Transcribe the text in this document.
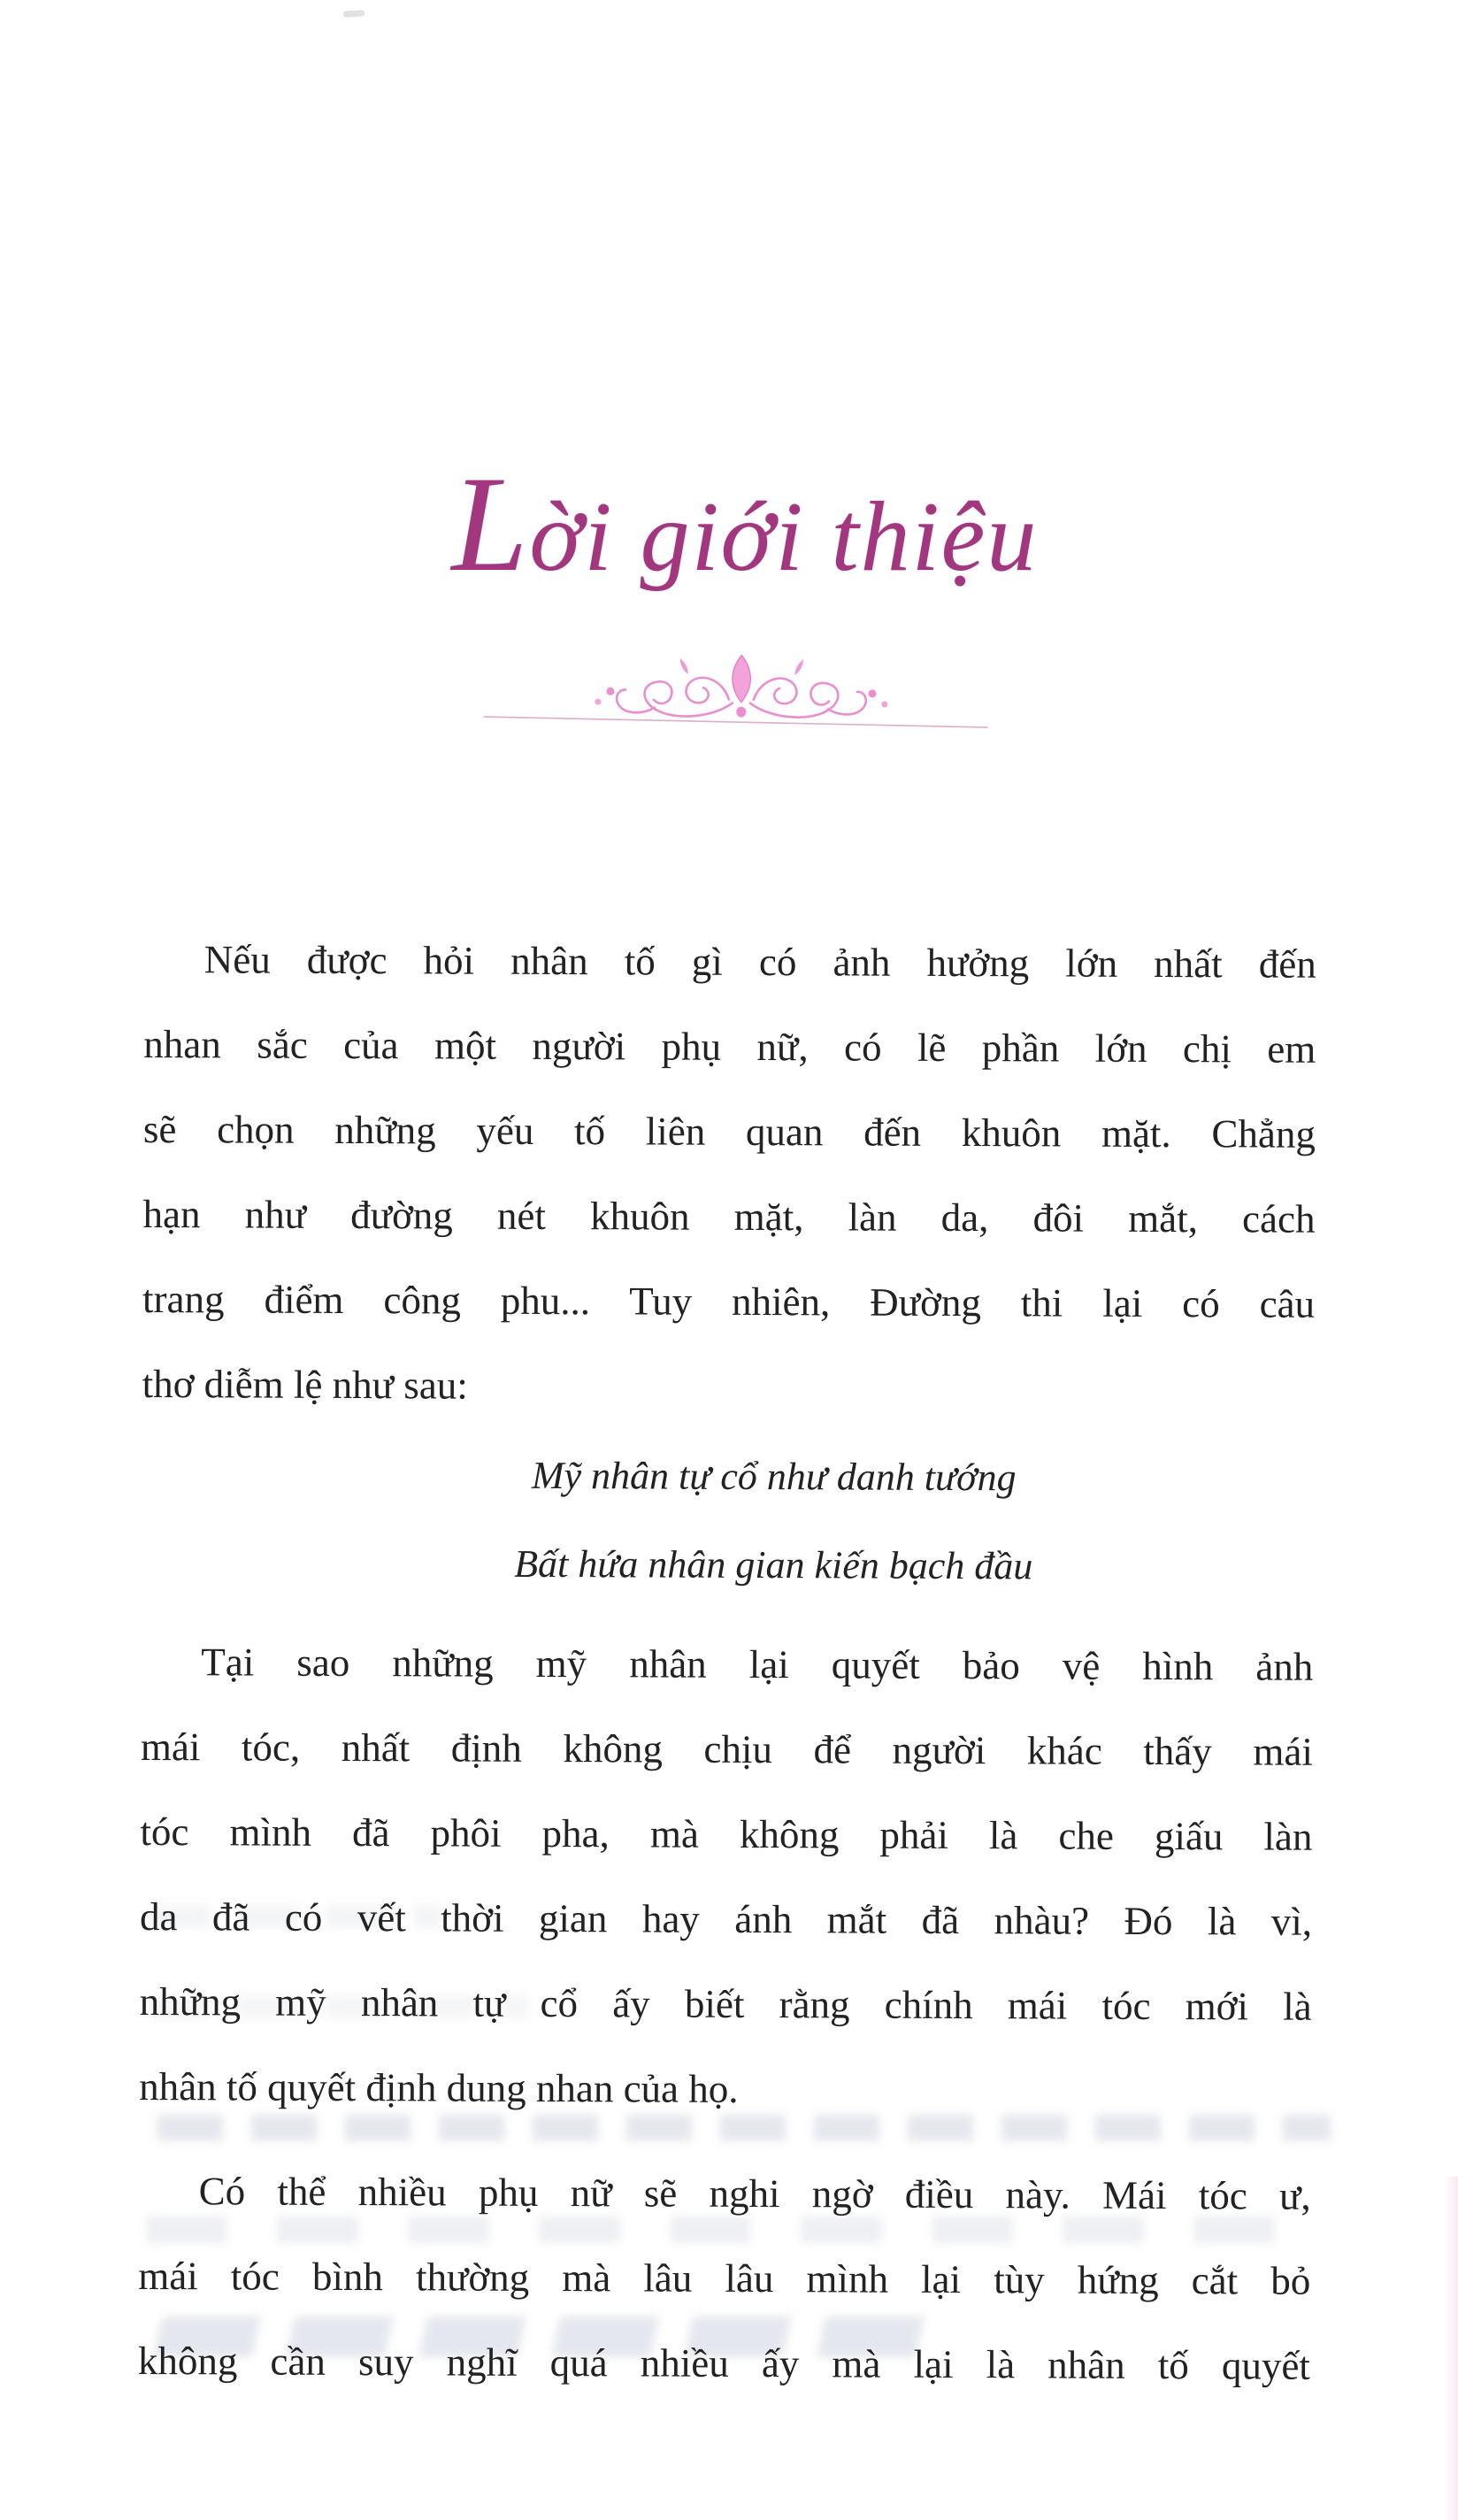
Lời giới thiệu
Nếu được hỏi nhân tố gì có ảnh hưởng lớn nhất đến
nhan sắc của một người phụ nữ, có lẽ phần lớn chị em
sẽ chọn những yếu tố liên quan đến khuôn mặt. Chẳng
hạn như đường nét khuôn mặt, làn da, đôi mắt, cách
trang điểm công phu... Tuy nhiên, Đường thi lại có câu
thơ diễm lệ như sau:
Mỹ nhân tự cổ như danh tướng
Bất hứa nhân gian kiến bạch đầu
Tại sao những mỹ nhân lại quyết bảo vệ hình ảnh
mái tóc, nhất định không chịu để người khác thấy mái
tóc mình đã phôi pha, mà không phải là che giấu làn
da đã có vết thời gian hay ánh mắt đã nhàu? Đó là vì,
những mỹ nhân tự cổ ấy biết rằng chính mái tóc mới là
nhân tố quyết định dung nhan của họ.
Có thể nhiều phụ nữ sẽ nghi ngờ điều này. Mái tóc ư,
mái tóc bình thường mà lâu lâu mình lại tùy hứng cắt bỏ
không cần suy nghĩ quá nhiều ấy mà lại là nhân tố quyết
